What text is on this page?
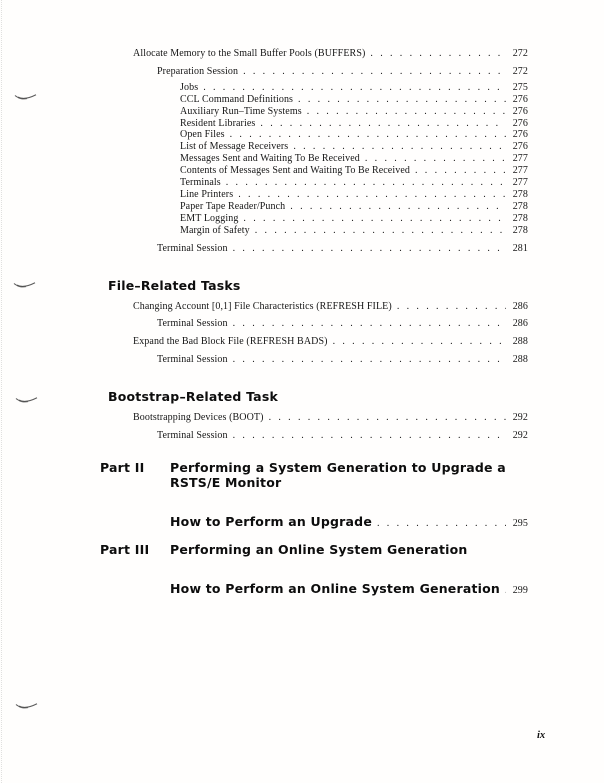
Allocate Memory to the Small Buffer Pools (BUFFERS) . . .	272
Preparation Session . . .	272
Jobs . . .	275
CCL Command Definitions . . .	276
Auxiliary Run–Time Systems . . .	276
Resident Libraries . . .	276
Open Files . . .	276
List of Message Receivers . . .	276
Messages Sent and Waiting To Be Received . . .	277
Contents of Messages Sent and Waiting To Be Received . . .	277
Terminals . . .	277
Line Printers . . .	278
Paper Tape Reader/Punch . . .	278
EMT Logging . . .	278
Margin of Safety . . .	278
Terminal Session . . .	281
File–Related Tasks
Changing Account [0,1] File Characteristics (REFRESH FILE) . . .	286
Terminal Session . . .	286
Expand the Bad Block File (REFRESH BADS) . . .	288
Terminal Session . . .	288
Bootstrap–Related Task
Bootstrapping Devices (BOOT) . . .	292
Terminal Session . . .	292
Part II	Performing a System Generation to Upgrade a
RSTS/E Monitor
How to Perform an Upgrade . . .	295
Part III	Performing an Online System Generation
How to Perform an Online System Generation . . .	299
ix
